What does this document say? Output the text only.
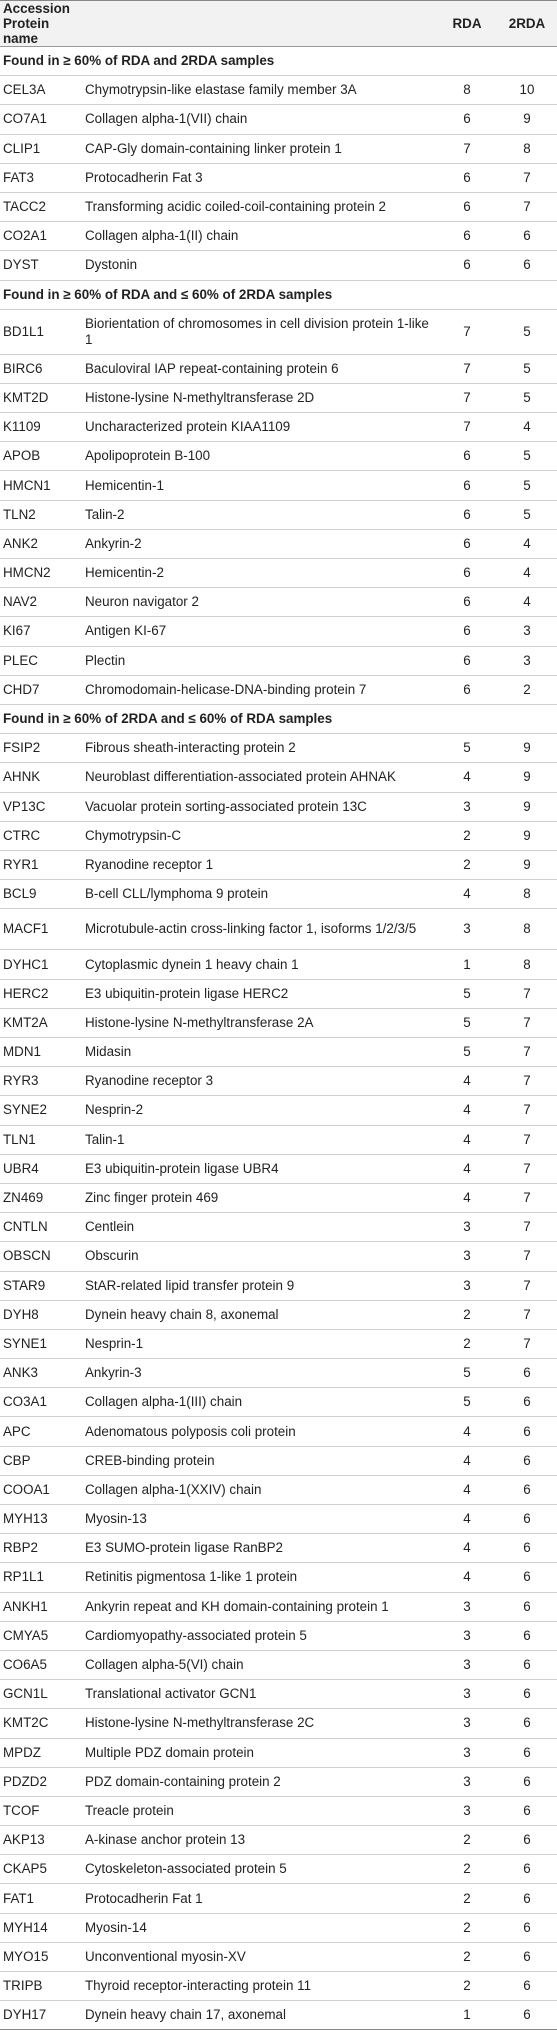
Accession Protein name		RDA	2RDA
Found in ≥ 60% of RDA and 2RDA samples			
CEL3A	Chymotrypsin-like elastase family member 3A	8	10
CO7A1	Collagen alpha-1(VII) chain	6	9
CLIP1	CAP-Gly domain-containing linker protein 1	7	8
FAT3	Protocadherin Fat 3	6	7
TACC2	Transforming acidic coiled-coil-containing protein 2	6	7
CO2A1	Collagen alpha-1(II) chain	6	6
DYST	Dystonin	6	6
Found in ≥ 60% of RDA and ≤ 60% of 2RDA samples			
BD1L1	Biorientation of chromosomes in cell division protein 1-like 1	7	5
BIRC6	Baculoviral IAP repeat-containing protein 6	7	5
KMT2D	Histone-lysine N-methyltransferase 2D	7	5
K1109	Uncharacterized protein KIAA1109	7	4
APOB	Apolipoprotein B-100	6	5
HMCN1	Hemicentin-1	6	5
TLN2	Talin-2	6	5
ANK2	Ankyrin-2	6	4
HMCN2	Hemicentin-2	6	4
NAV2	Neuron navigator 2	6	4
KI67	Antigen KI-67	6	3
PLEC	Plectin	6	3
CHD7	Chromodomain-helicase-DNA-binding protein 7	6	2
Found in ≥ 60% of 2RDA and ≤ 60% of RDA samples			
FSIP2	Fibrous sheath-interacting protein 2	5	9
AHNK	Neuroblast differentiation-associated protein AHNAK	4	9
VP13C	Vacuolar protein sorting-associated protein 13C	3	9
CTRC	Chymotrypsin-C	2	9
RYR1	Ryanodine receptor 1	2	9
BCL9	B-cell CLL/lymphoma 9 protein	4	8
MACF1	Microtubule-actin cross-linking factor 1, isoforms 1/2/3/5	3	8
DYHC1	Cytoplasmic dynein 1 heavy chain 1	1	8
HERC2	E3 ubiquitin-protein ligase HERC2	5	7
KMT2A	Histone-lysine N-methyltransferase 2A	5	7
MDN1	Midasin	5	7
RYR3	Ryanodine receptor 3	4	7
SYNE2	Nesprin-2	4	7
TLN1	Talin-1	4	7
UBR4	E3 ubiquitin-protein ligase UBR4	4	7
ZN469	Zinc finger protein 469	4	7
CNTLN	Centlein	3	7
OBSCN	Obscurin	3	7
STAR9	StAR-related lipid transfer protein 9	3	7
DYH8	Dynein heavy chain 8, axonemal	2	7
SYNE1	Nesprin-1	2	7
ANK3	Ankyrin-3	5	6
CO3A1	Collagen alpha-1(III) chain	5	6
APC	Adenomatous polyposis coli protein	4	6
CBP	CREB-binding protein	4	6
COOA1	Collagen alpha-1(XXIV) chain	4	6
MYH13	Myosin-13	4	6
RBP2	E3 SUMO-protein ligase RanBP2	4	6
RP1L1	Retinitis pigmentosa 1-like 1 protein	4	6
ANKH1	Ankyrin repeat and KH domain-containing protein 1	3	6
CMYA5	Cardiomyopathy-associated protein 5	3	6
CO6A5	Collagen alpha-5(VI) chain	3	6
GCN1L	Translational activator GCN1	3	6
KMT2C	Histone-lysine N-methyltransferase 2C	3	6
MPDZ	Multiple PDZ domain protein	3	6
PDZD2	PDZ domain-containing protein 2	3	6
TCOF	Treacle protein	3	6
AKP13	A-kinase anchor protein 13	2	6
CKAP5	Cytoskeleton-associated protein 5	2	6
FAT1	Protocadherin Fat 1	2	6
MYH14	Myosin-14	2	6
MYO15	Unconventional myosin-XV	2	6
TRIPB	Thyroid receptor-interacting protein 11	2	6
DYH17	Dynein heavy chain 17, axonemal	1	6
